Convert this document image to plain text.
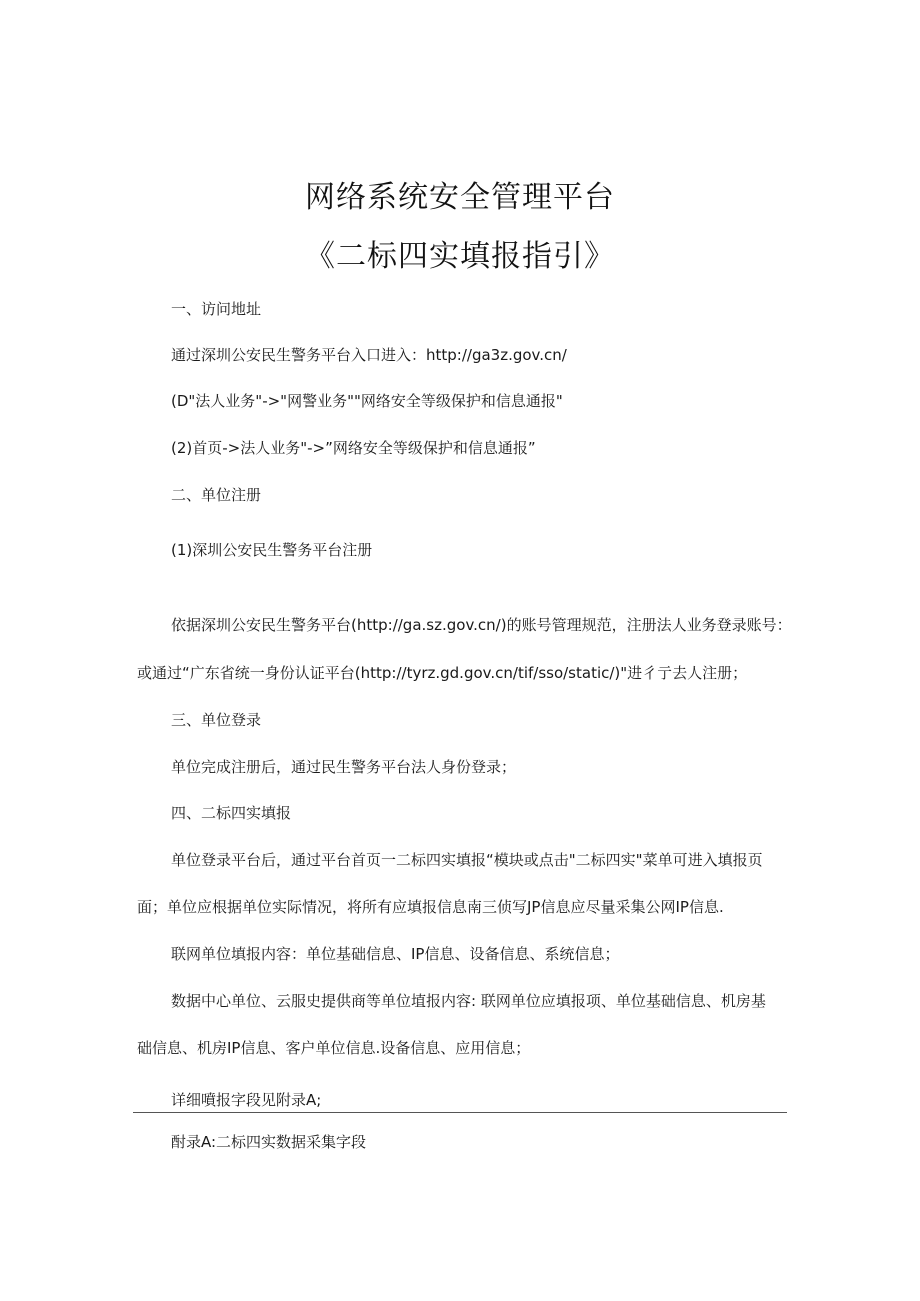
网络系统安全管理平台
《二标四实填报指引》
一、访问地址
通过深圳公安民生警务平台入口进入：http://ga3z.gov.cn/
(D"法人业务"->"网警业务""网络安全等级保护和信息通报"
(2)首页->法人业务"->”网络安全等级保护和信息通报”
二、单位注册
(1)深圳公安民生警务平台注册
依据深圳公安民生警务平台(http://ga.sz.gov.cn/)的账号管理规范，注册法人业务登录账号：
或通过“广东省统一身份认证平台(http://tyrz.gd.gov.cn/tif/sso/static/)"进彳亍去人注册；
三、单位登录
单位完成注册后，通过民生警务平台法人身份登录；
四、二标四实填报
单位登录平台后，通过平台首页一二标四实填报“模块或点击"二标四实"菜单可进入填报页
面；单位应根据单位实际情况，将所有应填报信息南三侦写JP信息应尽量采集公网IP信息.
联网单位填报内容：单位基础信息、IP信息、设备信息、系统信息；
数据中心单位、云服史提供商等单位埴报内容: 联网单位应填报项、单位基础信息、机房基
础信息、机房IP信息、客户单位信息.设备信息、应用信息；
详细噴报字段见附录A;
酎录A:二标四实数据采集字段
